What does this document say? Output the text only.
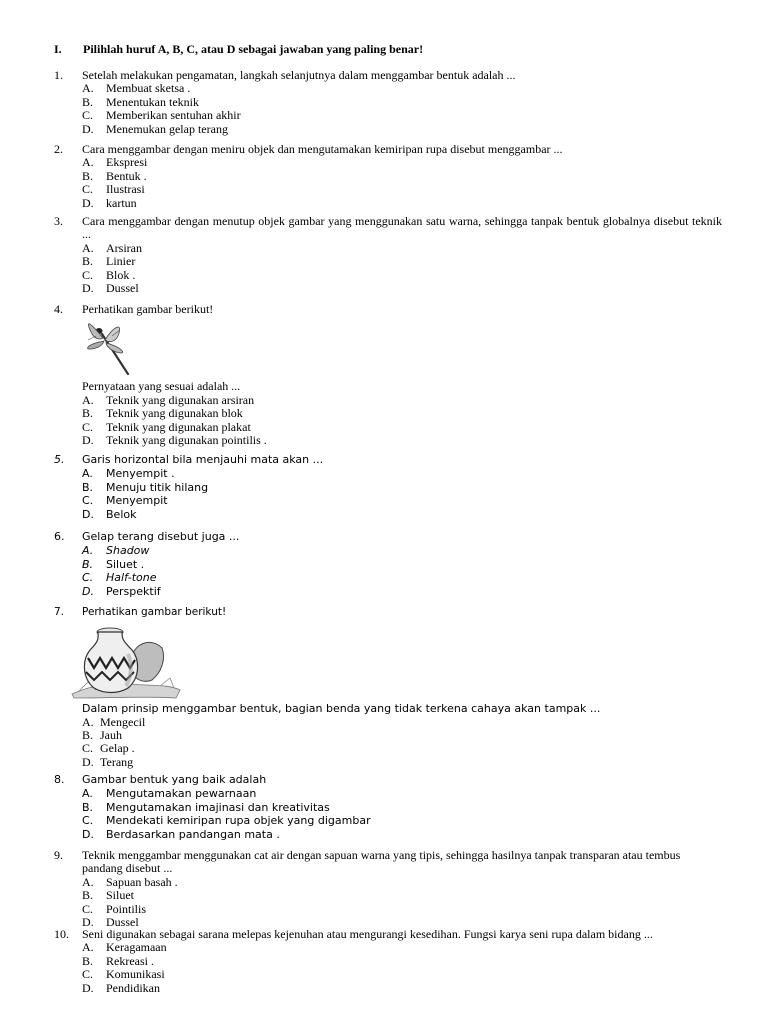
I. Pilihlah huruf A, B, C, atau D sebagai jawaban yang paling benar!
1.	Setelah melakukan pengamatan, langkah selanjutnya dalam menggambar bentuk adalah ...
A.	Membuat sketsa .
B.	Menentukan teknik
C.	Memberikan sentuhan akhir
D.	Menemukan gelap terang
2.	Cara menggambar dengan meniru objek dan mengutamakan kemiripan rupa disebut menggambar ...
A.	Ekspresi
B.	Bentuk .
C.	Ilustrasi
D.	kartun
3.	Cara menggambar dengan menutup objek gambar yang menggunakan satu warna, sehingga tanpak bentuk globalnya disebut teknik ...
A.	Arsiran
B.	Linier
C.	Blok .
D.	Dussel
4.	Perhatikan gambar berikut!
Pernyataan yang sesuai adalah ...
A.	Teknik yang digunakan arsiran
B.	Teknik yang digunakan blok
C.	Teknik yang digunakan plakat
D.	Teknik yang digunakan pointilis .
5.	Garis horizontal bila menjauhi mata akan ...
A.	Menyempit .
B.	Menuju titik hilang
C.	Menyempit
D.	Belok
6.	Gelap terang disebut juga ...
A.	Shadow
B.	Siluet .
C.	Half-tone
D.	Perspektif
7.	Perhatikan gambar berikut!
Dalam prinsip menggambar bentuk, bagian benda yang tidak terkena cahaya akan tampak ...
A. Mengecil
B. Jauh
C. Gelap .
D. Terang
8.	Gambar bentuk yang baik adalah
A.	Mengutamakan pewarnaan
B.	Mengutamakan imajinasi dan kreativitas
C.	Mendekati kemiripan rupa objek yang digambar
D.	Berdasarkan pandangan mata .
9.	Teknik menggambar menggunakan cat air dengan sapuan warna yang tipis, sehingga hasilnya tanpak transparan atau tembus pandang disebut ...
A.	Sapuan basah .
B.	Siluet
C.	Pointilis
D.	Dussel
10.	Seni digunakan sebagai sarana melepas kejenuhan atau mengurangi kesedihan. Fungsi karya seni rupa dalam bidang ...
A.	Keragamaan
B.	Rekreasi .
C.	Komunikasi
D.	Pendidikan
